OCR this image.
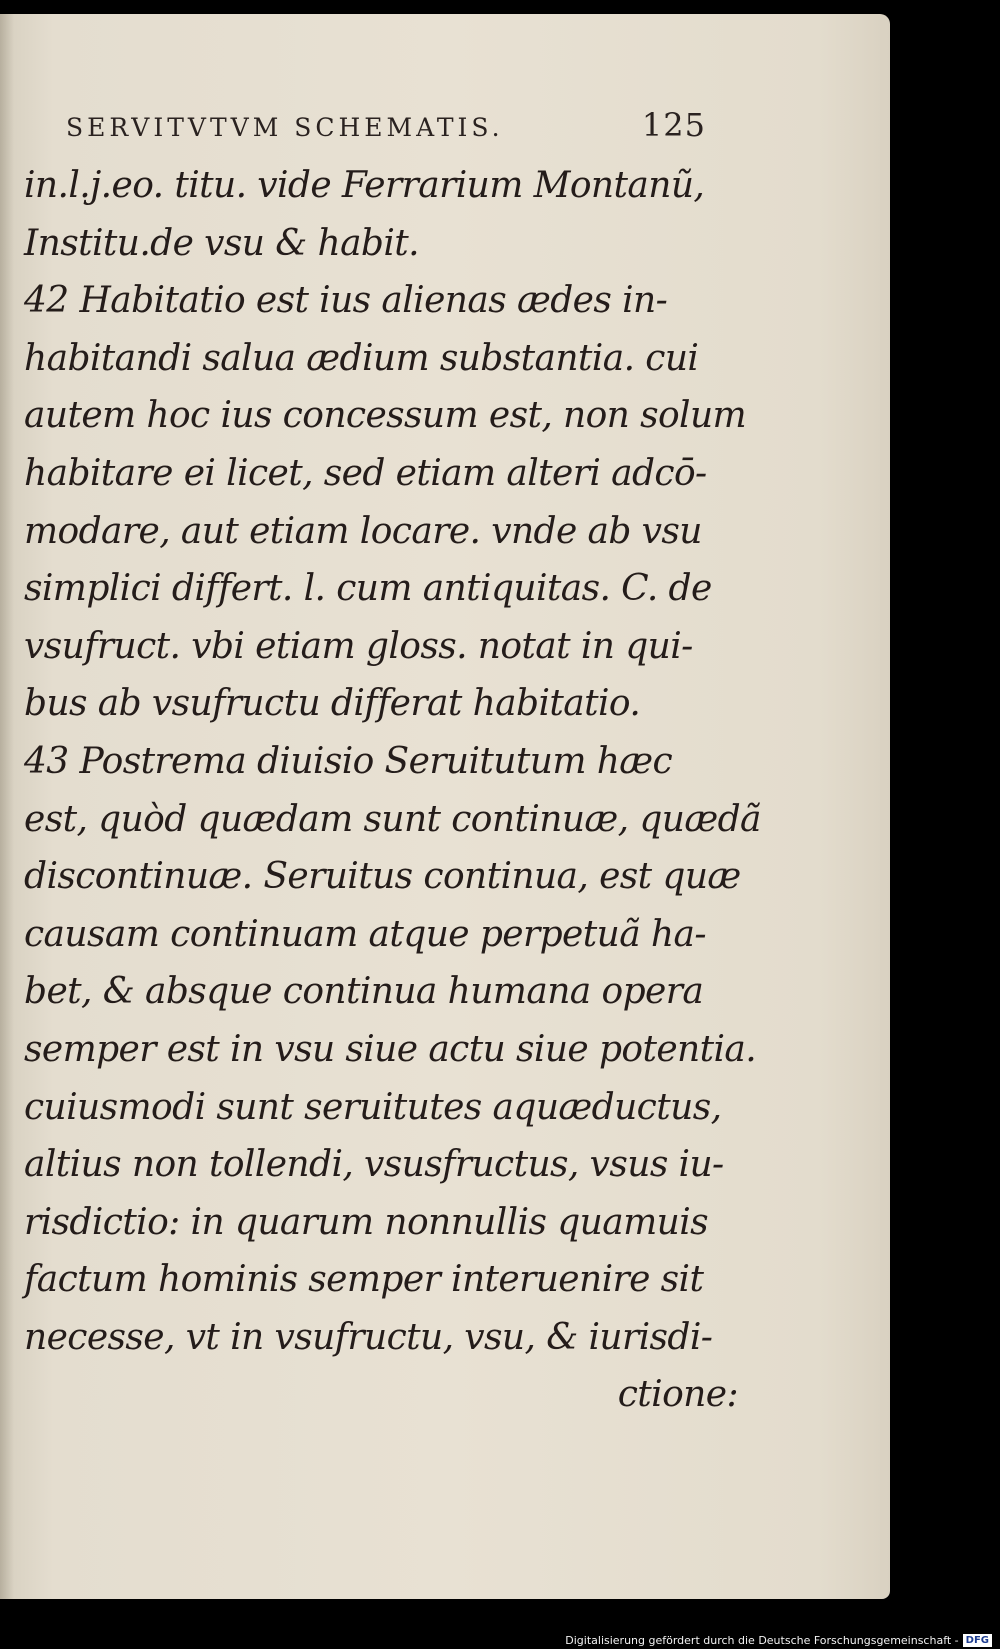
SERVITVTVM SCHEMATIS.	125
in.l.j.eo. titu. vide Ferrarium Montanũ,
Institu.de vsu & habit.
42 Habitatio est ius alienas ædes in-
habitandi salua ædium substantia. cui
autem hoc ius concessum est, non solum
habitare ei licet, sed etiam alteri adcō-
modare, aut etiam locare. vnde ab vsu
simplici differt. l. cum antiquitas. C. de
vsufruct. vbi etiam gloss. notat in qui-
bus ab vsufructu differat habitatio.
43 Postrema diuisio Seruitutum hæc
est, quòd quædam sunt continuæ, quædã
discontinuæ. Seruitus continua, est quæ
causam continuam atque perpetuã ha-
bet, & absque continua humana opera
semper est in vsu siue actu siue potentia.
cuiusmodi sunt seruitutes aquæductus,
altius non tollendi, vsusfructus, vsus iu-
risdictio: in quarum nonnullis quamuis
factum hominis semper interuenire sit
necesse, vt in vsufructu, vsu, & iurisdi-
ctione:
Digitalisierung gefördert durch die Deutsche Forschungsgemeinschaft - DFG
